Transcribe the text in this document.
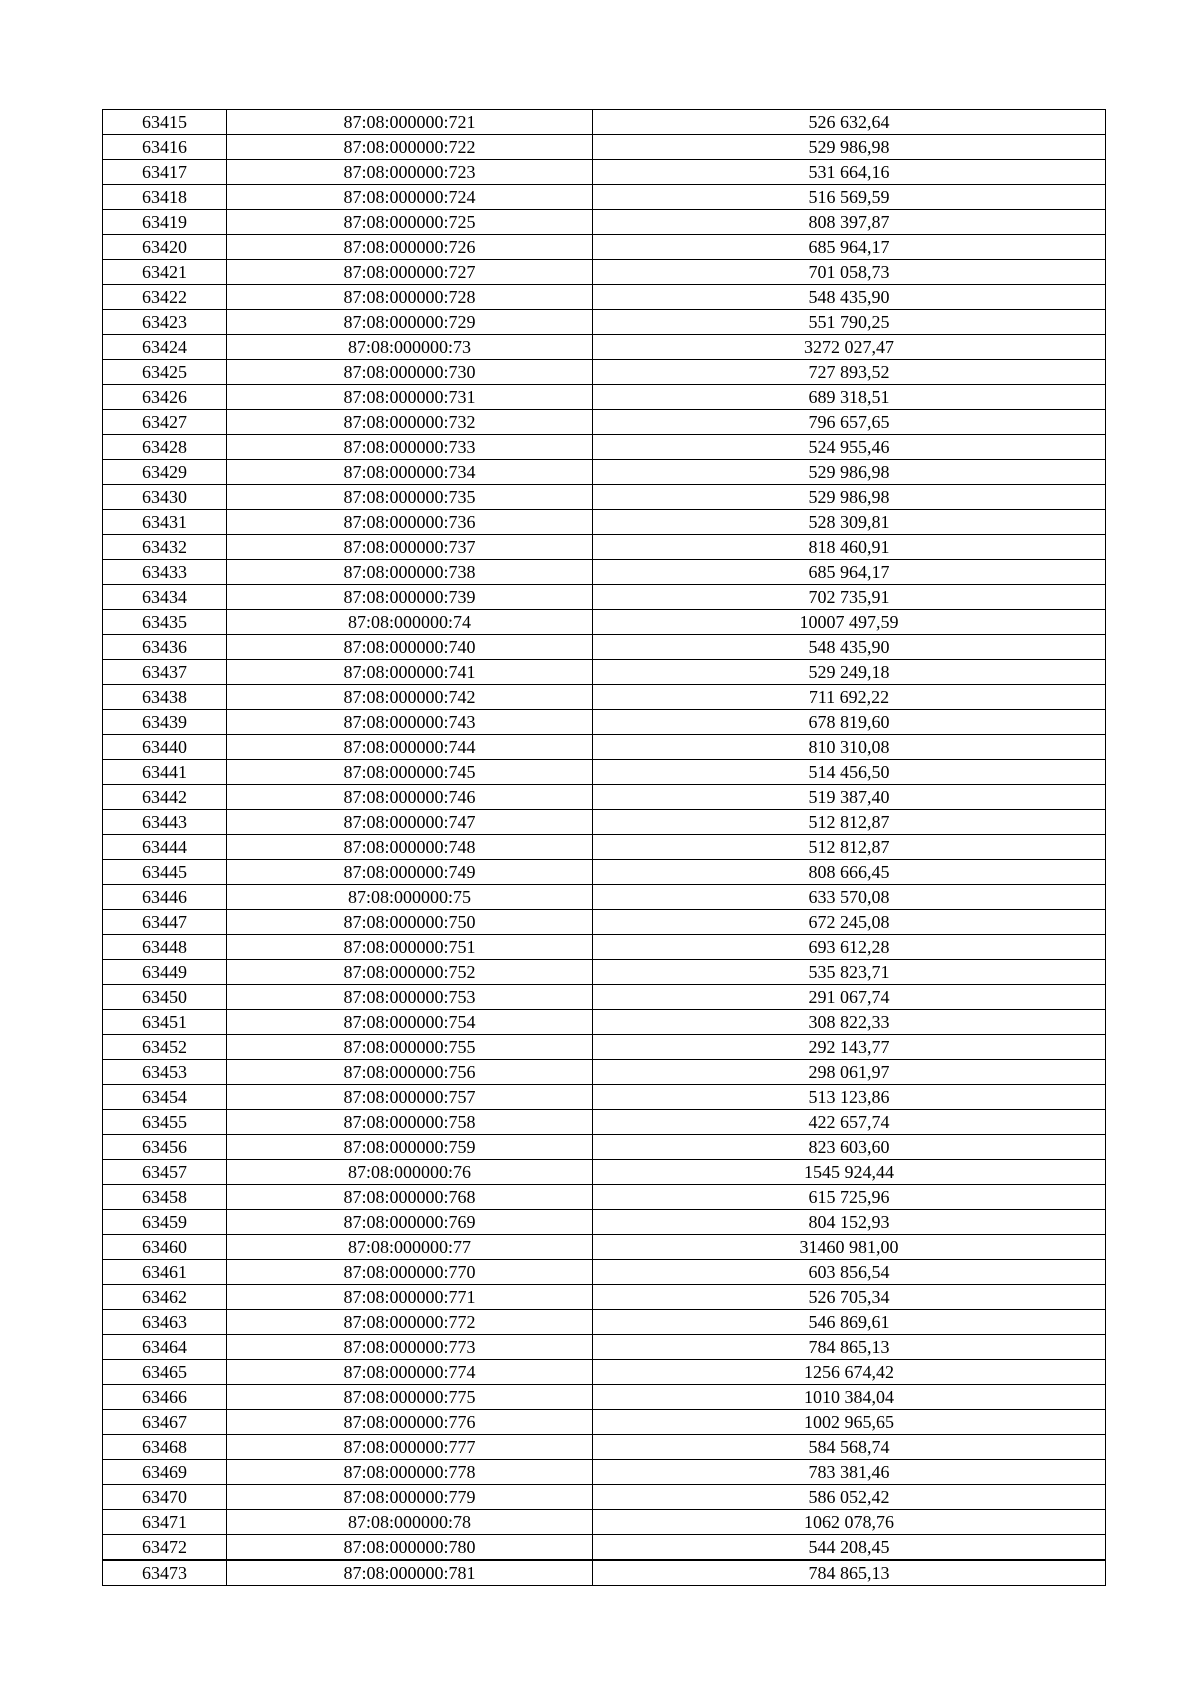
63415	87:08:000000:721	526 632,64
63416	87:08:000000:722	529 986,98
63417	87:08:000000:723	531 664,16
63418	87:08:000000:724	516 569,59
63419	87:08:000000:725	808 397,87
63420	87:08:000000:726	685 964,17
63421	87:08:000000:727	701 058,73
63422	87:08:000000:728	548 435,90
63423	87:08:000000:729	551 790,25
63424	87:08:000000:73	3272 027,47
63425	87:08:000000:730	727 893,52
63426	87:08:000000:731	689 318,51
63427	87:08:000000:732	796 657,65
63428	87:08:000000:733	524 955,46
63429	87:08:000000:734	529 986,98
63430	87:08:000000:735	529 986,98
63431	87:08:000000:736	528 309,81
63432	87:08:000000:737	818 460,91
63433	87:08:000000:738	685 964,17
63434	87:08:000000:739	702 735,91
63435	87:08:000000:74	10007 497,59
63436	87:08:000000:740	548 435,90
63437	87:08:000000:741	529 249,18
63438	87:08:000000:742	711 692,22
63439	87:08:000000:743	678 819,60
63440	87:08:000000:744	810 310,08
63441	87:08:000000:745	514 456,50
63442	87:08:000000:746	519 387,40
63443	87:08:000000:747	512 812,87
63444	87:08:000000:748	512 812,87
63445	87:08:000000:749	808 666,45
63446	87:08:000000:75	633 570,08
63447	87:08:000000:750	672 245,08
63448	87:08:000000:751	693 612,28
63449	87:08:000000:752	535 823,71
63450	87:08:000000:753	291 067,74
63451	87:08:000000:754	308 822,33
63452	87:08:000000:755	292 143,77
63453	87:08:000000:756	298 061,97
63454	87:08:000000:757	513 123,86
63455	87:08:000000:758	422 657,74
63456	87:08:000000:759	823 603,60
63457	87:08:000000:76	1545 924,44
63458	87:08:000000:768	615 725,96
63459	87:08:000000:769	804 152,93
63460	87:08:000000:77	31460 981,00
63461	87:08:000000:770	603 856,54
63462	87:08:000000:771	526 705,34
63463	87:08:000000:772	546 869,61
63464	87:08:000000:773	784 865,13
63465	87:08:000000:774	1256 674,42
63466	87:08:000000:775	1010 384,04
63467	87:08:000000:776	1002 965,65
63468	87:08:000000:777	584 568,74
63469	87:08:000000:778	783 381,46
63470	87:08:000000:779	586 052,42
63471	87:08:000000:78	1062 078,76
63472	87:08:000000:780	544 208,45
63473	87:08:000000:781	784 865,13
